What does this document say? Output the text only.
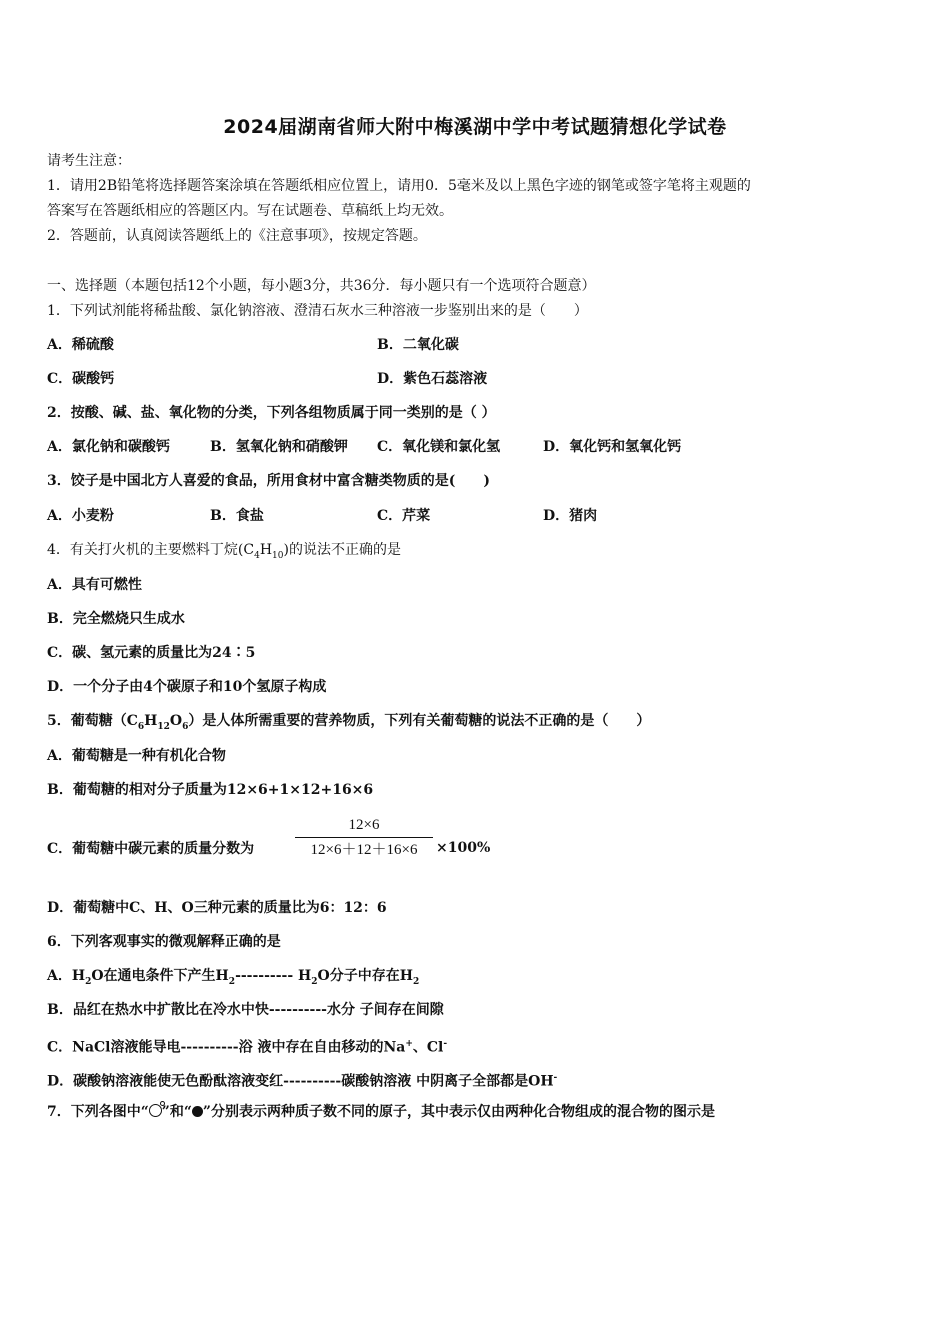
2024届湖南省师大附中梅溪湖中学中考试题猜想化学试卷
请考生注意：
1．请用2B铅笔将选择题答案涂填在答题纸相应位置上，请用0．5毫米及以上黑色字迹的钢笔或签字笔将主观题的
答案写在答题纸相应的答题区内。写在试题卷、草稿纸上均无效。
2．答题前，认真阅读答题纸上的《注意事项》，按规定答题。
一、选择题（本题包括12个小题，每小题3分，共36分．每小题只有一个选项符合题意）
1．下列试剂能将稀盐酸、氯化钠溶液、澄清石灰水三种溶液一步鉴别出来的是（　　）
A．稀硫酸	B．二氧化碳
C．碳酸钙	D．紫色石蕊溶液
2．按酸、碱、盐、氧化物的分类，下列各组物质属于同一类别的是（ ）
A．氯化钠和碳酸钙	B．氢氧化钠和硝酸钾 C．氧化镁和氯化氢	D．氧化钙和氢氧化钙
3．饺子是中国北方人喜爱的食品，所用食材中富含糖类物质的是(　　)
A．小麦粉	B．食盐	C．芹菜	D．猪肉
4．有关打火机的主要燃料丁烷$(C_4H_{10})$的说法不正确的是
A．具有可燃性
B．完全燃烧只生成水
C．碳、氢元素的质量比为24∶5
D．一个分子由4个碳原子和10个氢原子构成
5．葡萄糖$(C_6H_{12}O_6)$是人体所需重要的营养物质，下列有关葡萄糖的说法不正确的是（　　）
A．葡萄糖是一种有机化合物
B．葡萄糖的相对分子质量为12×6+1×12+16×6
C．葡萄糖中碳元素的质量分数为
12×6
12×6＋12＋16×6	×100%
D．葡萄糖中C、H、O三种元素的质量比为6：12：6
6．下列客观事实的微观解释正确的是
A．$H_2O$在通电条件下产生$H_2----------$ $H_2O$分子中存在$H_2$
B．品红在热水中扩散比在冷水中快----------水分 子间存在间隙
C．NaCl溶液能导电----------浴 液中存在自由移动的Na+、Cl-
D．碳酸钠溶液能使无色酚酞溶液变红----------碳酸钠溶液 中阴离子全部都是OH-
7．下列各图中“ ”和“ ”分别表示两种质子数不同的原子，其中表示仅由两种化合物组成的混合物的图示是
